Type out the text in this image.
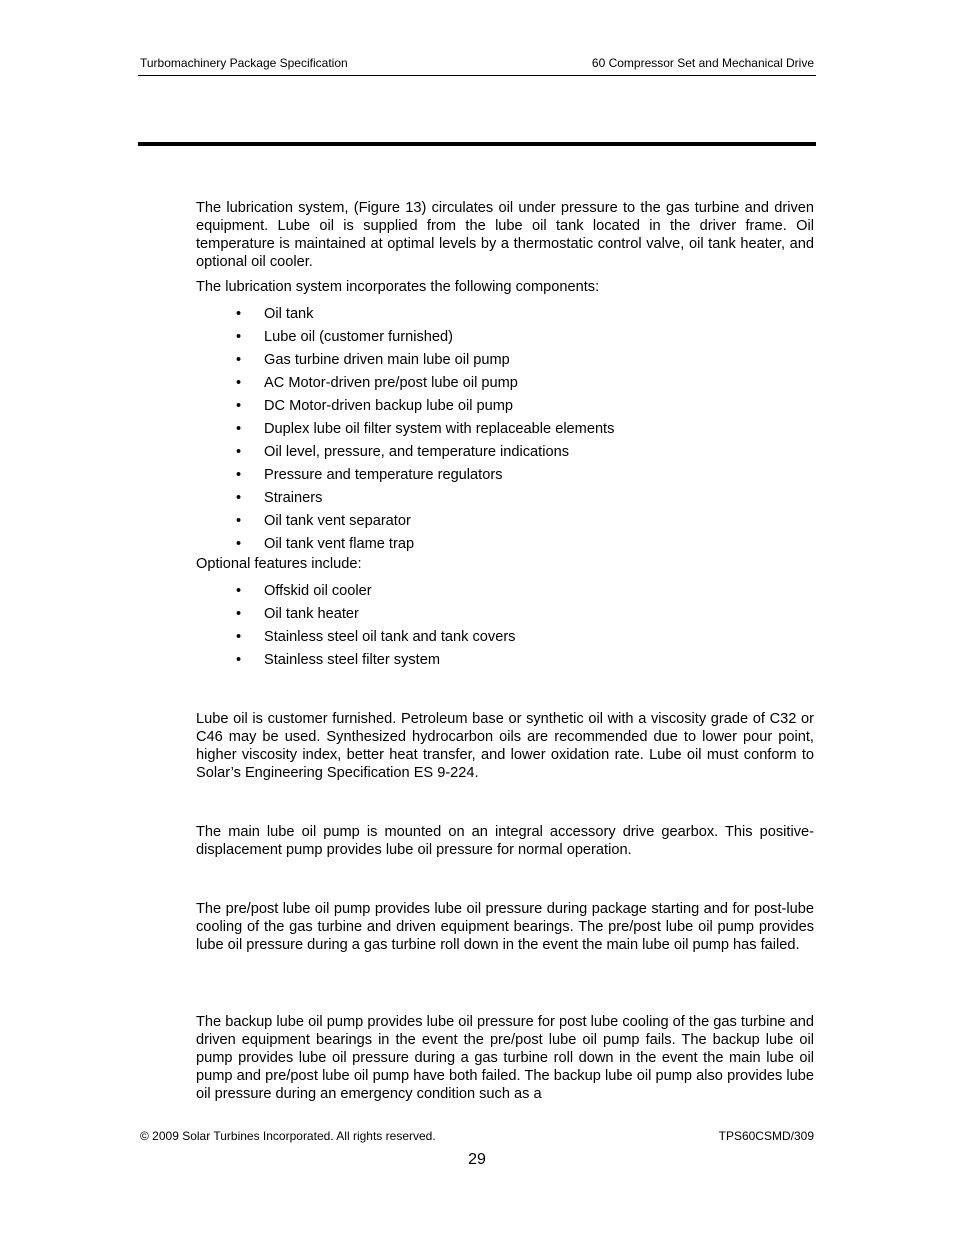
Turbomachinery Package Specification	60 Compressor Set and Mechanical Drive

The lubrication system, (Figure 13) circulates oil under pressure to the gas turbine and driven equipment. Lube oil is supplied from the lube oil tank located in the driver frame. Oil temperature is maintained at optimal levels by a thermostatic control valve, oil tank heater, and optional oil cooler.

The lubrication system incorporates the following components:

• Oil tank
• Lube oil (customer furnished)
• Gas turbine driven main lube oil pump
• AC Motor-driven pre/post lube oil pump
• DC Motor-driven backup lube oil pump
• Duplex lube oil filter system with replaceable elements
• Oil level, pressure, and temperature indications
• Pressure and temperature regulators
• Strainers
• Oil tank vent separator
• Oil tank vent flame trap

Optional features include:

• Offskid oil cooler
• Oil tank heater
• Stainless steel oil tank and tank covers
• Stainless steel filter system

Lube oil is customer furnished. Petroleum base or synthetic oil with a viscosity grade of C32 or C46 may be used. Synthesized hydrocarbon oils are recommended due to lower pour point, higher viscosity index, better heat transfer, and lower oxidation rate. Lube oil must conform to Solar’s Engineering Specification ES 9-224.

The main lube oil pump is mounted on an integral accessory drive gearbox. This positive-displacement pump provides lube oil pressure for normal operation.

The pre/post lube oil pump provides lube oil pressure during package starting and for post-lube cooling of the gas turbine and driven equipment bearings. The pre/post lube oil pump provides lube oil pressure during a gas turbine roll down in the event the main lube oil pump has failed.

The backup lube oil pump provides lube oil pressure for post lube cooling of the gas turbine and driven equipment bearings in the event the pre/post lube oil pump fails. The backup lube oil pump provides lube oil pressure during a gas turbine roll down in the event the main lube oil pump and pre/post lube oil pump have both failed. The backup lube oil pump also provides lube oil pressure during an emergency condition such as a

© 2009 Solar Turbines Incorporated. All rights reserved.	TPS60CSMD/309
29
